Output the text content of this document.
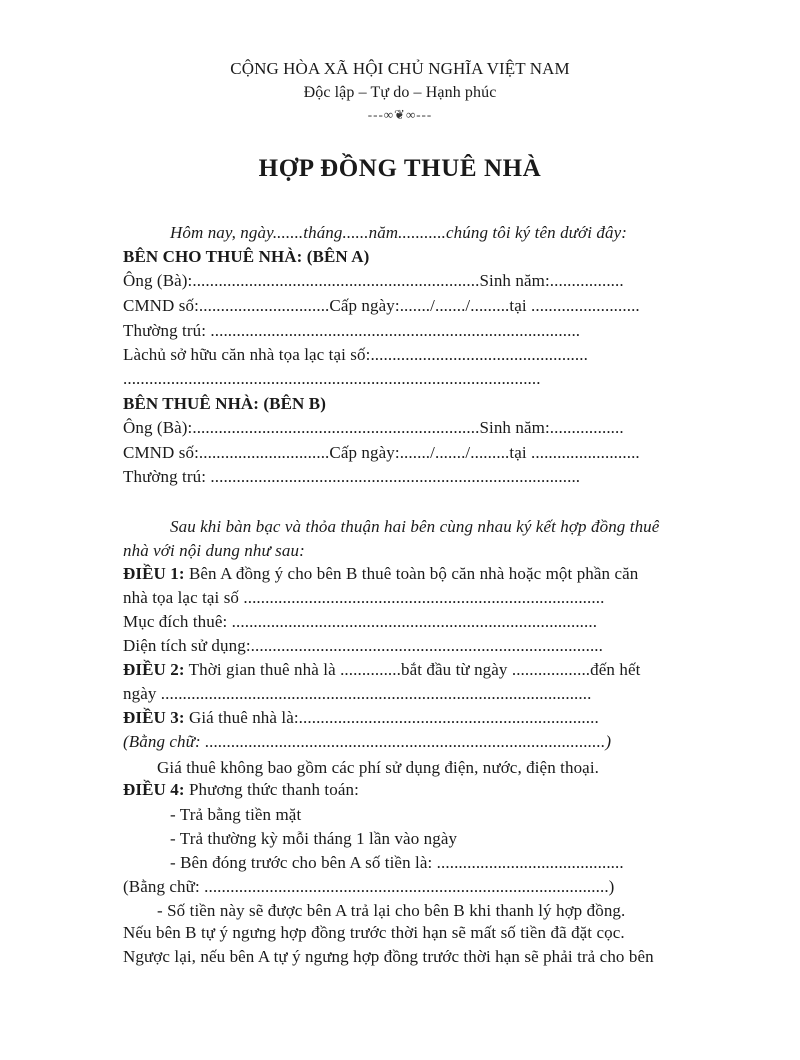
CỘNG HÒA XÃ HỘI CHỦ NGHĨA VIỆT NAM
Độc lập – Tự do – Hạnh phúc
---∞❦∞---
HỢP ĐỒNG THUÊ NHÀ
Hôm nay, ngày.......tháng......năm...........chúng tôi ký tên dưới đây:
BÊN CHO THUÊ NHÀ: (BÊN A)
Ông (Bà):..................................................................Sinh năm:.................
CMND số:..............................Cấp ngày:......./......./.........tại .........................
Thường trú: .....................................................................................
Làchủ sở hữu căn nhà tọa lạc tại số:..................................................
................................................................................................
BÊN THUÊ NHÀ: (BÊN B)
Ông (Bà):..................................................................Sinh năm:.................
CMND số:..............................Cấp ngày:......./......./.........tại .........................
Thường trú: .....................................................................................
Sau khi bàn bạc và thỏa thuận hai bên cùng nhau ký kết hợp đồng thuê
nhà với nội dung như sau:
ĐIỀU 1: Bên A đồng ý cho bên B thuê toàn bộ căn nhà hoặc một phần căn
nhà tọa lạc tại số ...................................................................................
Mục đích thuê: ....................................................................................
Diện tích sử dụng:.................................................................................
ĐIỀU 2: Thời gian thuê nhà là ..............bắt đầu từ ngày ..................đến hết
ngày ...................................................................................................
ĐIỀU 3: Giá thuê nhà là:.....................................................................
(Bằng chữ: ............................................................................................)
Giá thuê không bao gồm các phí sử dụng điện, nước, điện thoại.
ĐIỀU 4: Phương thức thanh toán:
- Trả bằng tiền mặt
- Trả thường kỳ mỗi tháng 1 lần vào ngày
- Bên đóng trước cho bên A số tiền là: ...........................................
(Bằng chữ: .............................................................................................)
- Số tiền này sẽ được bên A trả lại cho bên B khi thanh lý hợp đồng.
Nếu bên B tự ý ngưng hợp đồng trước thời hạn sẽ mất số tiền đã đặt cọc.
Ngược lại, nếu bên A tự ý ngưng hợp đồng trước thời hạn sẽ phải trả cho bên
